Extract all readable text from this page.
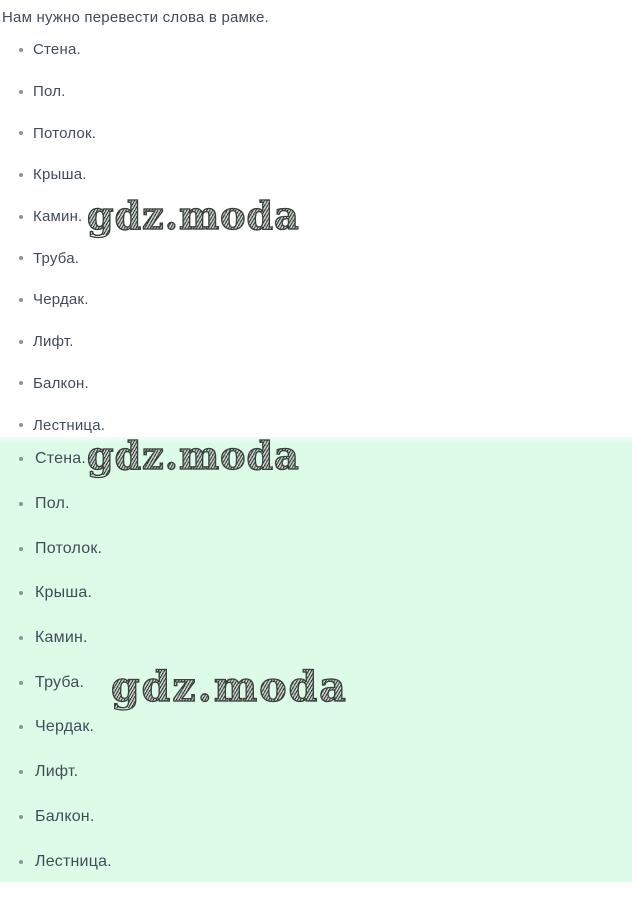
Нам нужно перевести слова в рамке.
Стена.
Пол.
Потолок.
Крыша.
Камин.
Труба.
Чердак.
Лифт.
Балкон.
Лестница.
Стена.
Пол.
Потолок.
Крыша.
Камин.
Труба.
Чердак.
Лифт.
Балкон.
Лестница.
gdz.moda
